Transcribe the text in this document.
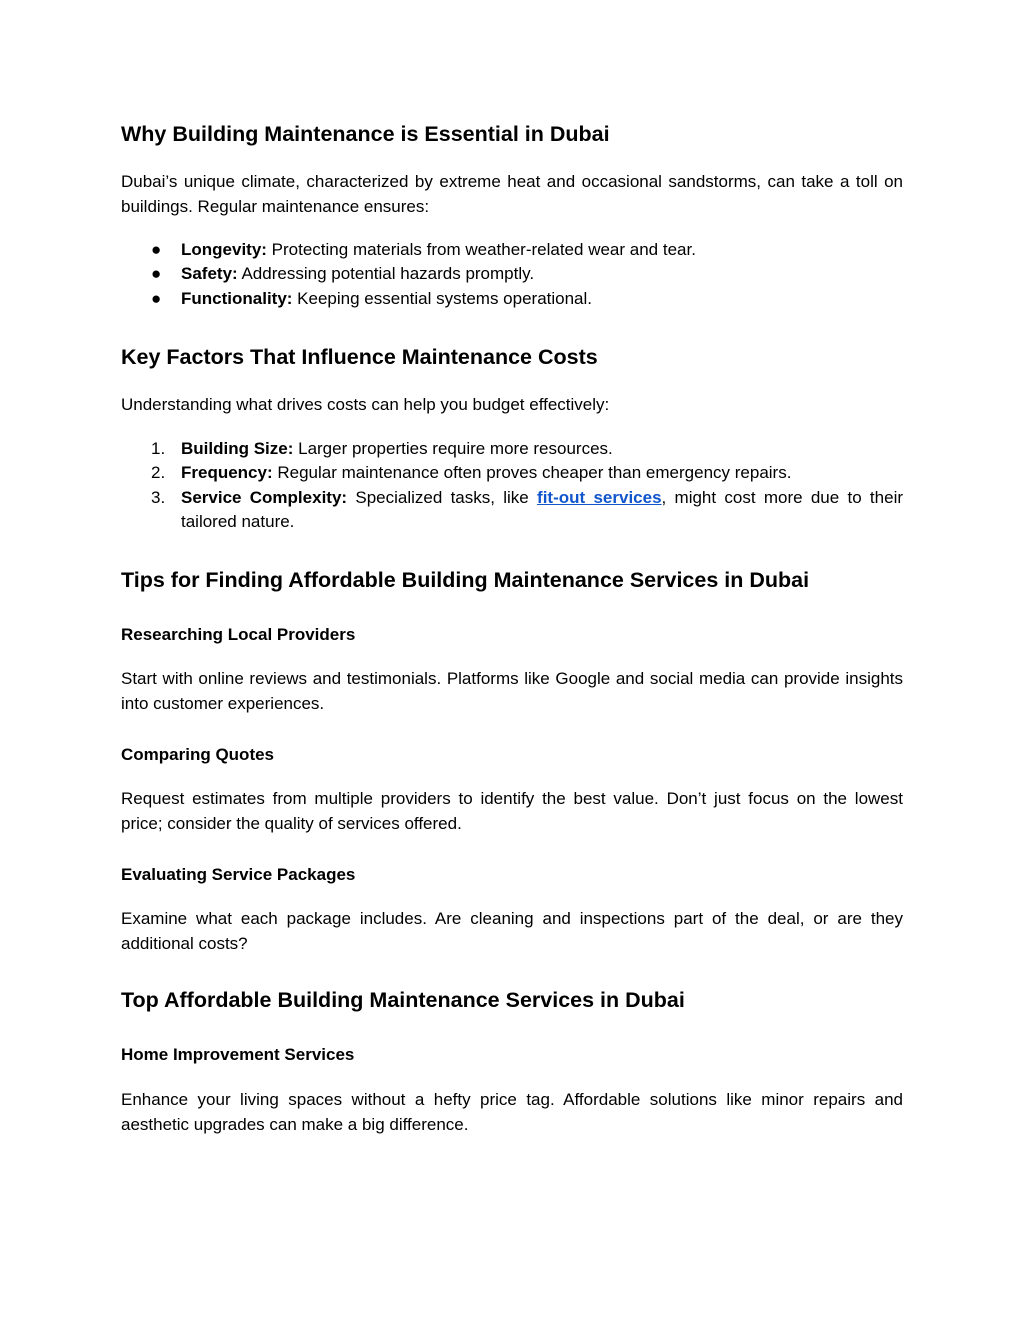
Why Building Maintenance is Essential in Dubai

Dubai’s unique climate, characterized by extreme heat and occasional sandstorms, can take a toll on buildings. Regular maintenance ensures:

● Longevity: Protecting materials from weather-related wear and tear.
● Safety: Addressing potential hazards promptly.
● Functionality: Keeping essential systems operational.
Key Factors That Influence Maintenance Costs

Understanding what drives costs can help you budget effectively:

1. Building Size: Larger properties require more resources.
2. Frequency: Regular maintenance often proves cheaper than emergency repairs.
3. Service Complexity: Specialized tasks, like fit-out services, might cost more due to their tailored nature.
Tips for Finding Affordable Building Maintenance Services in Dubai
Researching Local Providers

Start with online reviews and testimonials. Platforms like Google and social media can provide insights into customer experiences.

Comparing Quotes

Request estimates from multiple providers to identify the best value. Don’t just focus on the lowest price; consider the quality of services offered.

Evaluating Service Packages

Examine what each package includes. Are cleaning and inspections part of the deal, or are they additional costs?

Top Affordable Building Maintenance Services in Dubai
Home Improvement Services

Enhance your living spaces without a hefty price tag. Affordable solutions like minor repairs and aesthetic upgrades can make a big difference.
